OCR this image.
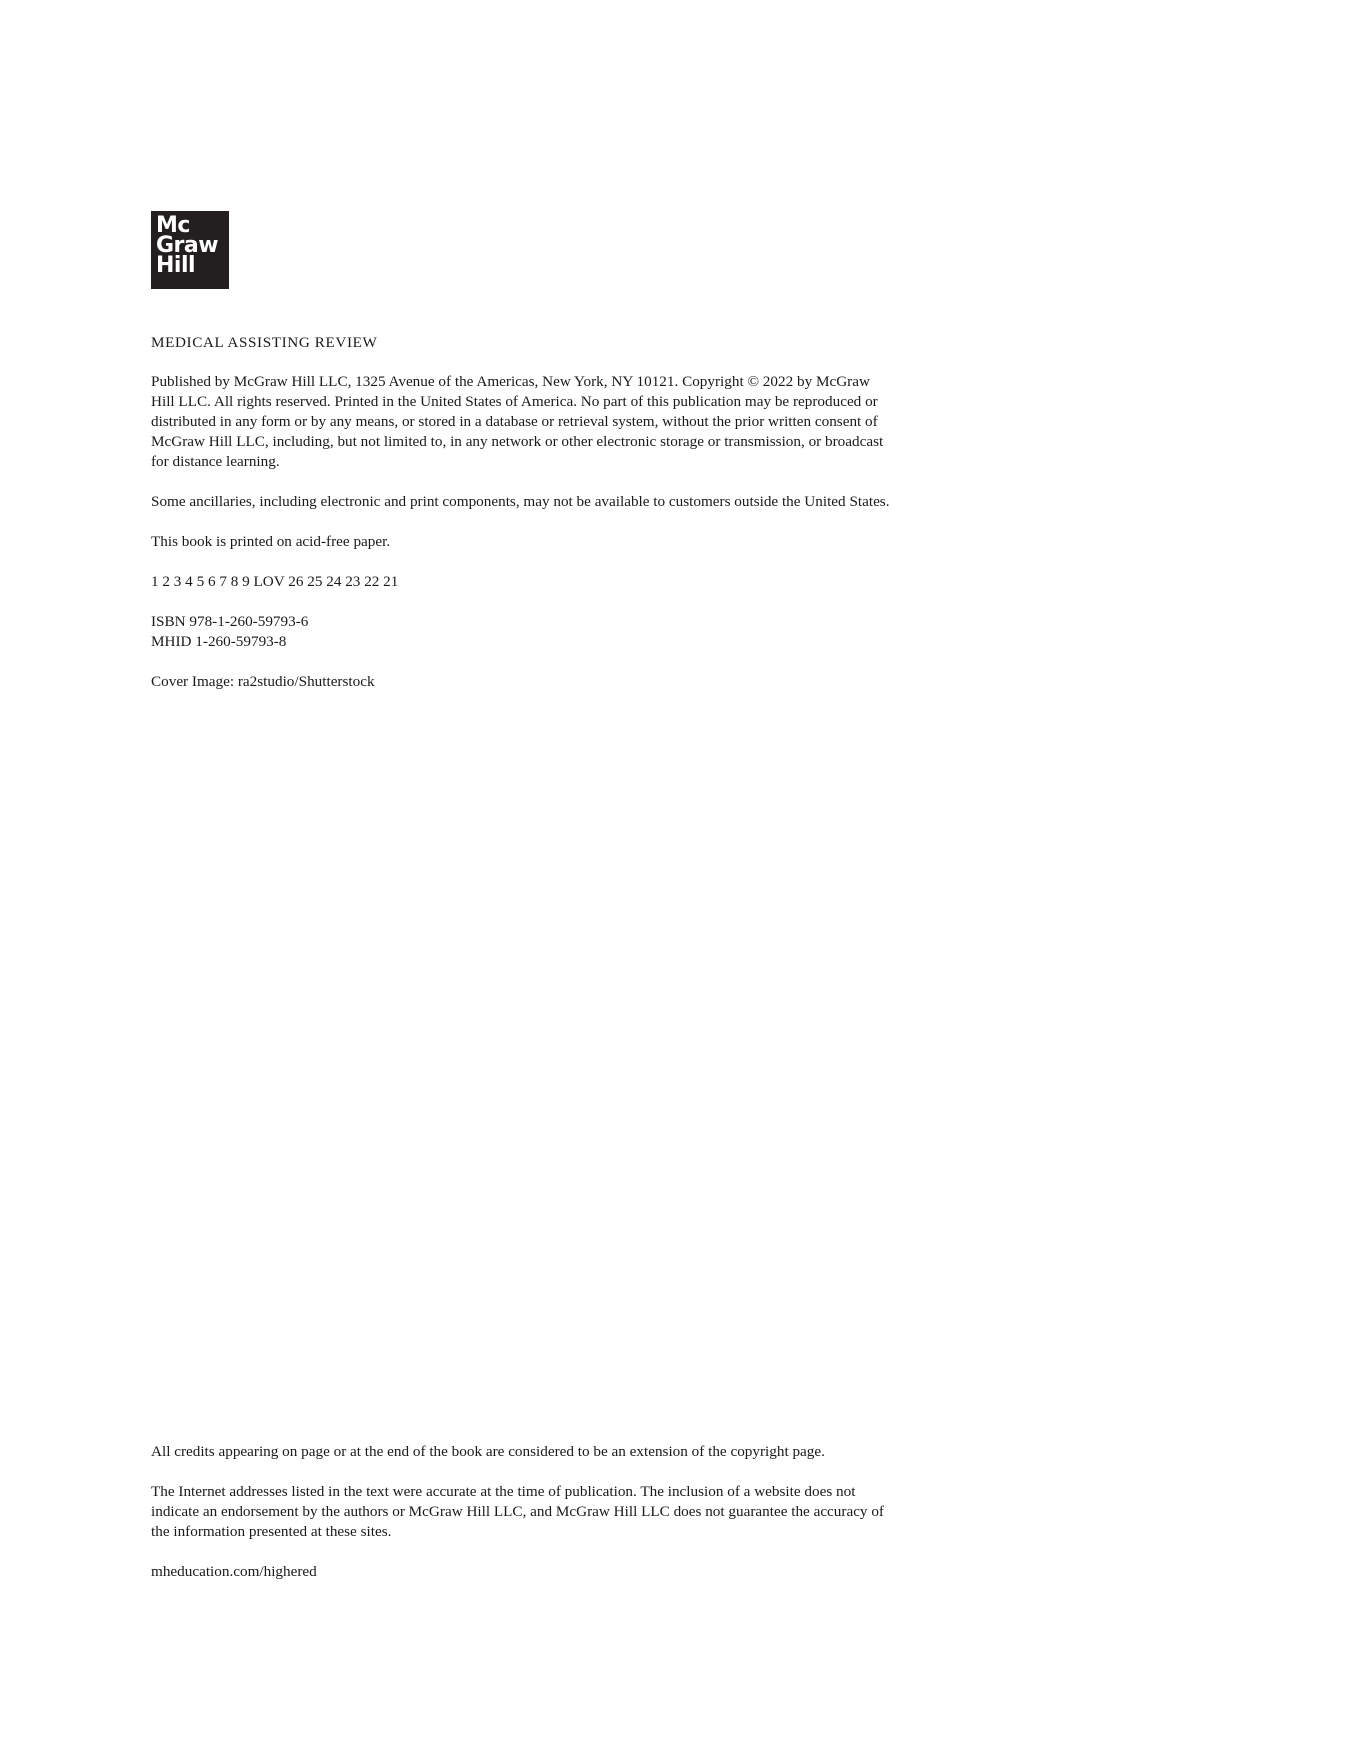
Mc
Graw
Hill

MEDICAL ASSISTING REVIEW

Published by McGraw Hill LLC, 1325 Avenue of the Americas, New York, NY 10121. Copyright © 2022 by McGraw Hill LLC. All rights reserved. Printed in the United States of America. No part of this publication may be reproduced or distributed in any form or by any means, or stored in a database or retrieval system, without the prior written consent of McGraw Hill LLC, including, but not limited to, in any network or other electronic storage or transmission, or broadcast for distance learning.

Some ancillaries, including electronic and print components, may not be available to customers outside the United States.

This book is printed on acid-free paper.

1 2 3 4 5 6 7 8 9 LOV 26 25 24 23 22 21

ISBN 978-1-260-59793-6
MHID 1-260-59793-8

Cover Image: ra2studio/Shutterstock

All credits appearing on page or at the end of the book are considered to be an extension of the copyright page.

The Internet addresses listed in the text were accurate at the time of publication. The inclusion of a website does not indicate an endorsement by the authors or McGraw Hill LLC, and McGraw Hill LLC does not guarantee the accuracy of the information presented at these sites.

mheducation.com/highered
